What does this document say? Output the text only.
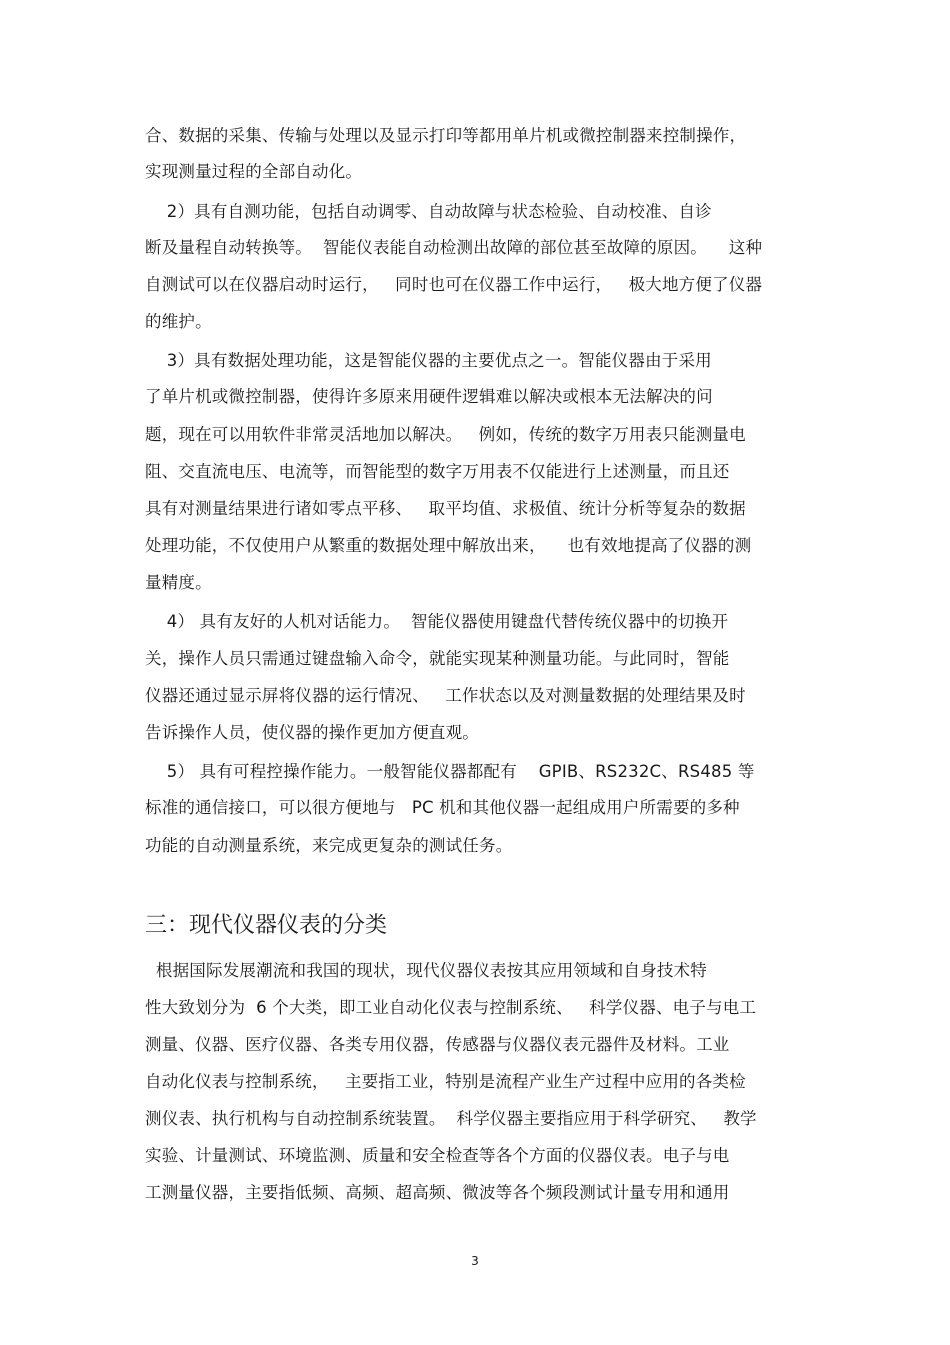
合、数据的采集、传输与处理以及显示打印等都用单片机或微控制器来控制操作，

实现测量过程的全部自动化。

2）具有自测功能，包括自动调零、自动故障与状态检验、自动校准、自诊

断及量程自动转换等。  智能仪表能自动检测出故障的部位甚至故障的原因。    这种

自测试可以在仪器启动时运行，   同时也可在仪器工作中运行，   极大地方便了仪器

的维护。

3）具有数据处理功能，这是智能仪器的主要优点之一。智能仪器由于采用

了单片机或微控制器，使得许多原来用硬件逻辑难以解决或根本无法解决的问

题，现在可以用软件非常灵活地加以解决。   例如，传统的数字万用表只能测量电

阻、交直流电压、电流等，而智能型的数字万用表不仅能进行上述测量，而且还

具有对测量结果进行诸如零点平移、   取平均值、求极值、统计分析等复杂的数据

处理功能，不仅使用户从繁重的数据处理中解放出来，    也有效地提高了仪器的测

量精度。

4） 具有友好的人机对话能力。  智能仪器使用键盘代替传统仪器中的切换开

关，操作人员只需通过键盘输入命令，就能实现某种测量功能。与此同时，智能

仪器还通过显示屏将仪器的运行情况、   工作状态以及对测量数据的处理结果及时

告诉操作人员，使仪器的操作更加方便直观。

5） 具有可程控操作能力。一般智能仪器都配有    GPIB、RS232C、RS485 等

标准的通信接口，可以很方便地与   PC 机和其他仪器一起组成用户所需要的多种

功能的自动测量系统，来完成更复杂的测试任务。

三：现代仪器仪表的分类

根据国际发展潮流和我国的现状，现代仪器仪表按其应用领域和自身技术特

性大致划分为  6 个大类，即工业自动化仪表与控制系统、   科学仪器、电子与电工

测量、仪器、医疗仪器、各类专用仪器，传感器与仪器仪表元器件及材料。工业

自动化仪表与控制系统，   主要指工业，特别是流程产业生产过程中应用的各类检

测仪表、执行机构与自动控制系统装置。  科学仪器主要指应用于科学研究、   教学

实验、计量测试、环境监测、质量和安全检查等各个方面的仪器仪表。电子与电

工测量仪器，主要指低频、高频、超高频、微波等各个频段测试计量专用和通用

3
